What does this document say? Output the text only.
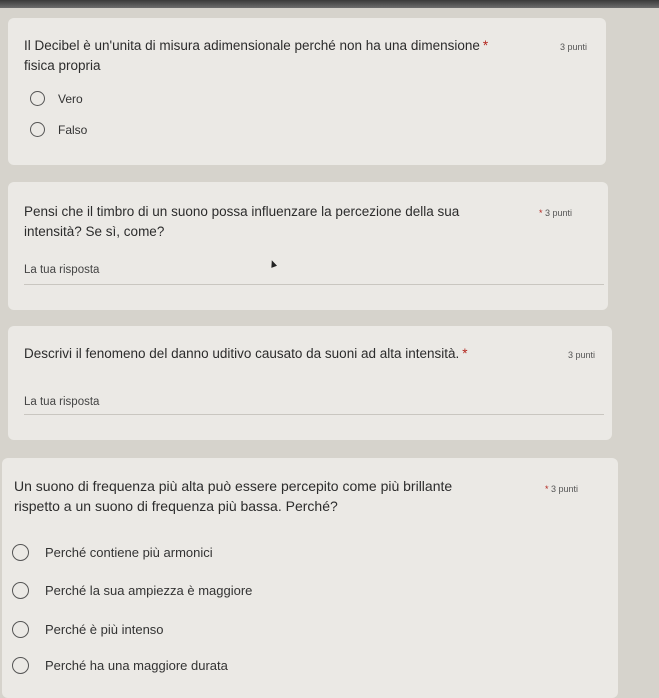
Il Decibel è un'unita di misura adimensionale perché non ha una dimensione *
fisica propria
3 punti
Vero
Falso
Pensi che il timbro di un suono possa influenzare la percezione della sua
intensità? Se sì, come?
* 3 punti
La tua risposta
Descrivi il fenomeno del danno uditivo causato da suoni ad alta intensità. *	3 punti
La tua risposta
Un suono di frequenza più alta può essere percepito come più brillante
rispetto a un suono di frequenza più bassa. Perché?
* 3 punti
Perché contiene più armonici
Perché la sua ampiezza è maggiore
Perché è più intenso
Perché ha una maggiore durata
